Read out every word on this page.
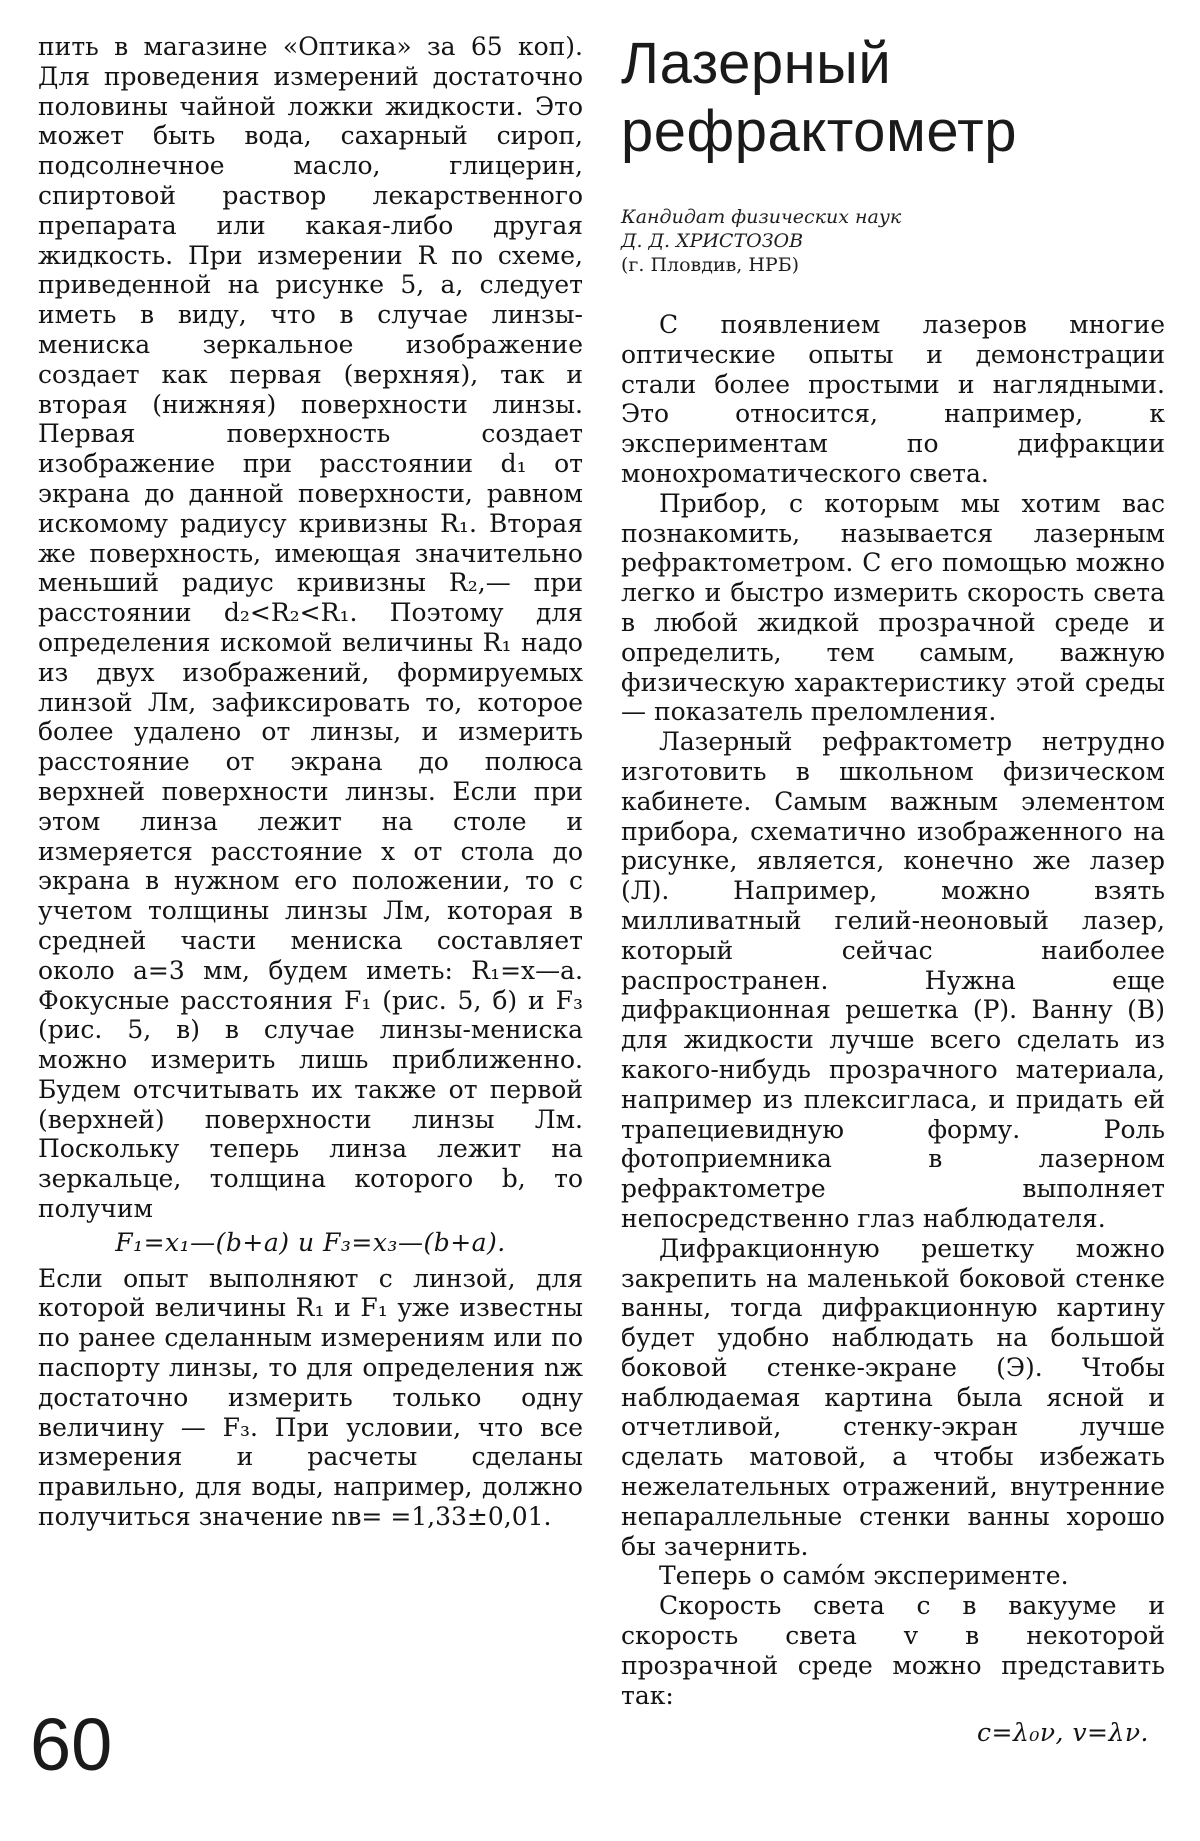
пить в магазине «Оптика» за 65 коп). Для проведения измерений достаточно половины чайной ложки жидкости. Это может быть вода, сахарный сироп, подсолнечное масло, глицерин, спиртовой раствор лекарственного препарата или какая-либо другая жидкость. При измерении R по схеме, приведенной на рисунке 5, а, следует иметь в виду, что в случае линзы-мениска зеркальное изображение создает как первая (верхняя), так и вторая (нижняя) поверхности линзы. Первая поверхность создает изображение при расстоянии d₁ от экрана до данной поверхности, равном искомому радиусу кривизны R₁. Вторая же поверхность, имеющая значительно меньший радиус кривизны R₂,— при расстоянии d₂<R₂<R₁. Поэтому для определения искомой величины R₁ надо из двух изображений, формируемых линзой Лм, зафиксировать то, которое более удалено от линзы, и измерить расстояние от экрана до полюса верхней поверхности линзы. Если при этом линза лежит на столе и измеряется расстояние x от стола до экрана в нужном его положении, то с учетом толщины линзы Лм, которая в средней части мениска составляет около a=3 мм, будем иметь: R₁=x—a. Фокусные расстояния F₁ (рис. 5, б) и F₃ (рис. 5, в) в случае линзы-мениска можно измерить лишь приближенно. Будем отсчитывать их также от первой (верхней) поверхности линзы Лм. Поскольку теперь линза лежит на зеркальце, толщина которого b, то получим

F₁=x₁—(b+a) и F₃=x₃—(b+a).

Если опыт выполняют с линзой, для которой величины R₁ и F₁ уже известны по ранее сделанным измерениям или по паспорту линзы, то для определения nж достаточно измерить только одну величину — F₃. При условии, что все измерения и расчеты сделаны правильно, для воды, например, должно получиться значение nв= =1,33±0,01.

Лазерный
рефрактометр
Кандидат физических наук
Д. Д. ХРИСТОЗОВ
(г. Пловдив, НРБ)

С появлением лазеров многие оптические опыты и демонстрации стали более простыми и наглядными. Это относится, например, к экспериментам по дифракции монохроматического света.

Прибор, с которым мы хотим вас познакомить, называется лазерным рефрактометром. С его помощью можно легко и быстро измерить скорость света в любой жидкой прозрачной среде и определить, тем самым, важную физическую характеристику этой среды — показатель преломления.

Лазерный рефрактометр нетрудно изготовить в школьном физическом кабинете. Самым важным элементом прибора, схематично изображенного на рисунке, является, конечно же лазер (Л). Например, можно взять милливатный гелий-неоновый лазер, который сейчас наиболее распространен. Нужна еще дифракционная решетка (Р). Ванну (В) для жидкости лучше всего сделать из какого-нибудь прозрачного материала, например из плексигласа, и придать ей трапециевидную форму. Роль фотоприемника в лазерном рефрактометре выполняет непосредственно глаз наблюдателя.

Дифракционную решетку можно закрепить на маленькой боковой стенке ванны, тогда дифракционную картину будет удобно наблюдать на большой боковой стенке-экране (Э). Чтобы наблюдаемая картина была ясной и отчетливой, стенку-экран лучше сделать матовой, а чтобы избежать нежелательных отражений, внутренние непараллельные стенки ванны хорошо бы зачернить.

Теперь о самóм эксперименте.

Скорость света c в вакууме и скорость света v в некоторой прозрачной среде можно представить так:

c=λ₀ν, v=λν.

60
